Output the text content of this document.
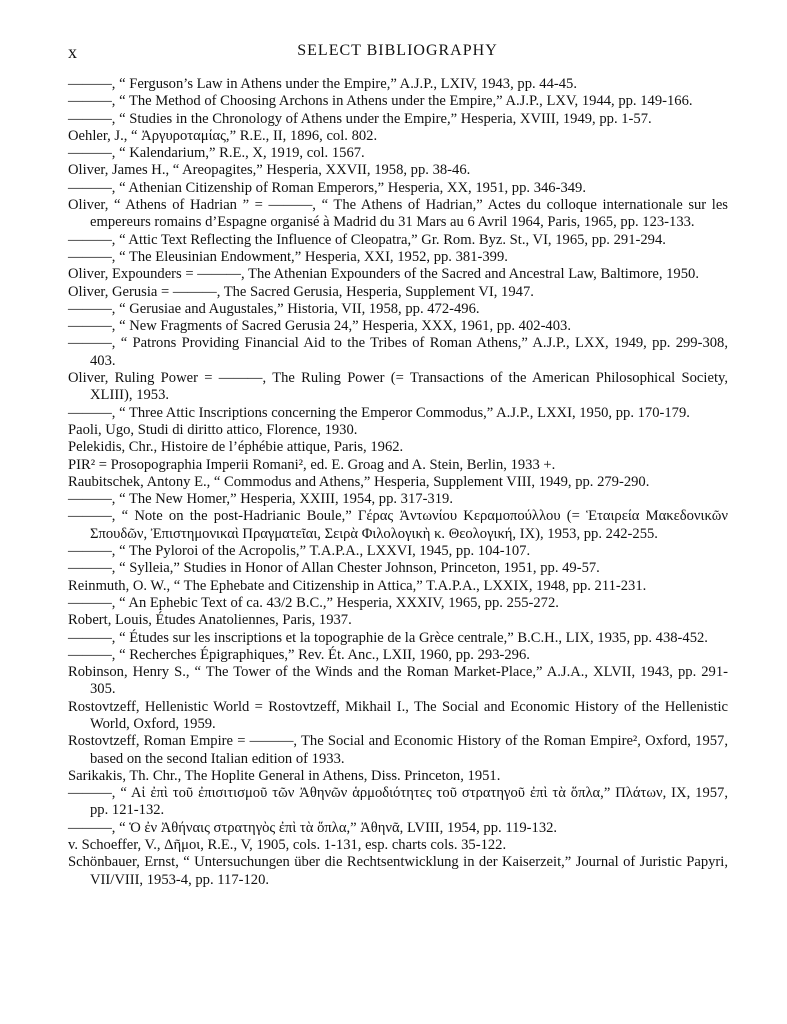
x	SELECT BIBLIOGRAPHY
———, “ Ferguson’s Law in Athens under the Empire,” A.J.P., LXIV, 1943, pp. 44-45.
———, “ The Method of Choosing Archons in Athens under the Empire,” A.J.P., LXV, 1944, pp. 149-166.
———, “ Studies in the Chronology of Athens under the Empire,” Hesperia, XVIII, 1949, pp. 1-57.
Oehler, J., “ Ἀργυροταμίας,” R.E., II, 1896, col. 802.
———, “ Kalendarium,” R.E., X, 1919, col. 1567.
Oliver, James H., “ Areopagites,” Hesperia, XXVII, 1958, pp. 38-46.
———, “ Athenian Citizenship of Roman Emperors,” Hesperia, XX, 1951, pp. 346-349.
Oliver, “ Athens of Hadrian ” = ———, “ The Athens of Hadrian,” Actes du colloque internationale sur les empereurs romains d’Espagne organisé à Madrid du 31 Mars au 6 Avril 1964, Paris, 1965, pp. 123-133.
———, “ Attic Text Reflecting the Influence of Cleopatra,” Gr. Rom. Byz. St., VI, 1965, pp. 291-294.
———, “ The Eleusinian Endowment,” Hesperia, XXI, 1952, pp. 381-399.
Oliver, Expounders = ———, The Athenian Expounders of the Sacred and Ancestral Law, Baltimore, 1950.
Oliver, Gerusia = ———, The Sacred Gerusia, Hesperia, Supplement VI, 1947.
———, “ Gerusiae and Augustales,” Historia, VII, 1958, pp. 472-496.
———, “ New Fragments of Sacred Gerusia 24,” Hesperia, XXX, 1961, pp. 402-403.
———, “ Patrons Providing Financial Aid to the Tribes of Roman Athens,” A.J.P., LXX, 1949, pp. 299-308, 403.
Oliver, Ruling Power = ———, The Ruling Power (= Transactions of the American Philosophical Society, XLIII), 1953.
———, “ Three Attic Inscriptions concerning the Emperor Commodus,” A.J.P., LXXI, 1950, pp. 170-179.
Paoli, Ugo, Studi di diritto attico, Florence, 1930.
Pelekidis, Chr., Histoire de l’éphébie attique, Paris, 1962.
PIR² = Prosopographia Imperii Romani², ed. E. Groag and A. Stein, Berlin, 1933 +.
Raubitschek, Antony E., “ Commodus and Athens,” Hesperia, Supplement VIII, 1949, pp. 279-290.
———, “ The New Homer,” Hesperia, XXIII, 1954, pp. 317-319.
———, “ Note on the post-Hadrianic Boule,” Γέρας Ἀντωνίου Κεραμοπούλλου (= Ἑταιρεία Μακεδονικῶν Σπουδῶν, Ἐπιστημονικαὶ Πραγματεῖαι, Σειρὰ Φιλολογικὴ κ. Θεολογική, IX), 1953, pp. 242-255.
———, “ The Pyloroi of the Acropolis,” T.A.P.A., LXXVI, 1945, pp. 104-107.
———, “ Sylleia,” Studies in Honor of Allan Chester Johnson, Princeton, 1951, pp. 49-57.
Reinmuth, O. W., “ The Ephebate and Citizenship in Attica,” T.A.P.A., LXXIX, 1948, pp. 211-231.
———, “ An Ephebic Text of ca. 43/2 B.C.,” Hesperia, XXXIV, 1965, pp. 255-272.
Robert, Louis, Études Anatoliennes, Paris, 1937.
———, “ Études sur les inscriptions et la topographie de la Grèce centrale,” B.C.H., LIX, 1935, pp. 438-452.
———, “ Recherches Épigraphiques,” Rev. Ét. Anc., LXII, 1960, pp. 293-296.
Robinson, Henry S., “ The Tower of the Winds and the Roman Market-Place,” A.J.A., XLVII, 1943, pp. 291-305.
Rostovtzeff, Hellenistic World = Rostovtzeff, Mikhail I., The Social and Economic History of the Hellenistic World, Oxford, 1959.
Rostovtzeff, Roman Empire = ———, The Social and Economic History of the Roman Empire², Oxford, 1957, based on the second Italian edition of 1933.
Sarikakis, Th. Chr., The Hoplite General in Athens, Diss. Princeton, 1951.
———, “ Αἱ ἐπὶ τοῦ ἐπισιτισμοῦ τῶν Ἀθηνῶν ἁρμοδιότητες τοῦ στρατηγοῦ ἐπὶ τὰ ὅπλα,” Πλάτων, IX, 1957, pp. 121-132.
———, “ Ὁ ἐν Ἀθήναις στρατηγὸς ἐπὶ τὰ ὅπλα,” Ἀθηνᾶ, LVIII, 1954, pp. 119-132.
v. Schoeffer, V., Δῆμοι, R.E., V, 1905, cols. 1-131, esp. charts cols. 35-122.
Schönbauer, Ernst, “ Untersuchungen über die Rechtsentwicklung in der Kaiserzeit,” Journal of Juristic Papyri, VII/VIII, 1953-4, pp. 117-120.
